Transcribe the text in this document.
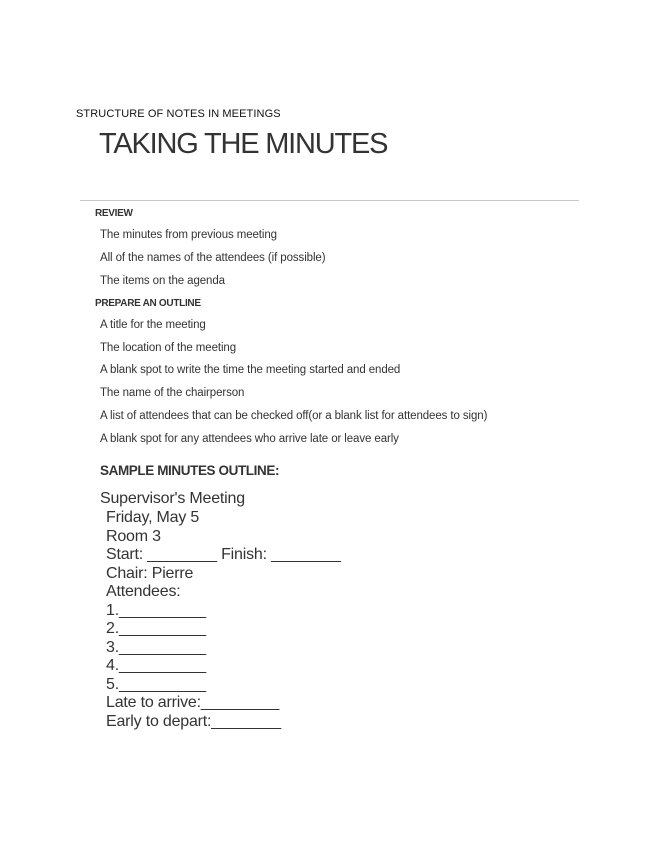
STRUCTURE OF NOTES IN MEETINGS
TAKING THE MINUTES
REVIEW
The minutes from previous meeting
All of the names of the attendees (if possible)
The items on the agenda
PREPARE AN OUTLINE
A title for the meeting
The location of the meeting
A blank spot to write the time the meeting started and ended
The name of the chairperson
A list of attendees that can be checked off(or a blank list for attendees to sign)
A blank spot for any attendees who arrive late or leave early
SAMPLE MINUTES OUTLINE:
Supervisor's Meeting
Friday, May 5
Room 3
Start: ________ Finish: ________
Chair: Pierre
Attendees:
1.__________
2.__________
3.__________
4.__________
5.__________
Late to arrive:_________
Early to depart:________
